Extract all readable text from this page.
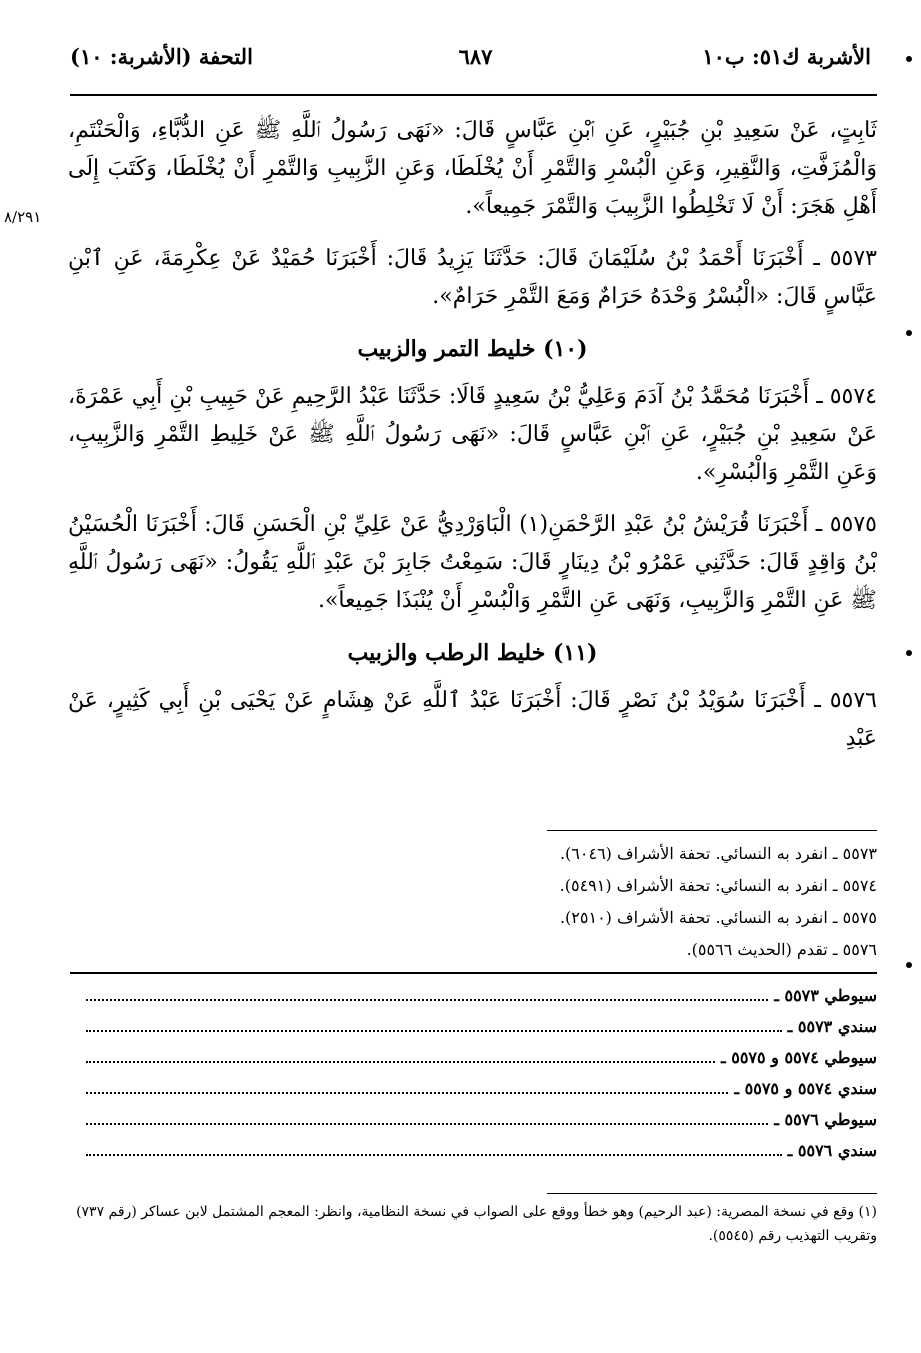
الأشربة ك٥١: ب١٠
٦٨٧
التحفة (الأشربة: ١٠)
٨/٢٩١

ثَابِتٍ، عَنْ سَعِيدِ بْنِ جُبَيْرٍ، عَنِ ٱبْنِ عَبَّاسٍ قَالَ: «نَهَى رَسُولُ ٱللَّهِ ﷺ عَنِ الدُّبَّاءِ، وَالْحَنْتَمِ، وَالْمُزَفَّتِ، وَالنَّقِيرِ، وَعَنِ الْبُسْرِ وَالتَّمْرِ أَنْ يُخْلَطَا، وَعَنِ الزَّبِيبِ وَالتَّمْرِ أَنْ يُخْلَطَا، وَكَتَبَ إِلَى أَهْلِ هَجَرَ: أَنْ لَا تَخْلِطُوا الزَّبِيبَ وَالتَّمْرَ جَمِيعاً».

٥٥٧٣ ـ أَخْبَرَنَا أَحْمَدُ بْنُ سُلَيْمَانَ قَالَ: حَدَّثَنَا يَزِيدُ قَالَ: أَخْبَرَنَا حُمَيْدٌ عَنْ عِكْرِمَةَ، عَنِ ٱبْنِ عَبَّاسٍ قَالَ: «الْبُسْرُ وَحْدَهُ حَرَامٌ وَمَعَ التَّمْرِ حَرَامٌ».

(١٠) خليط التمر والزبيب

٥٥٧٤ ـ أَخْبَرَنَا مُحَمَّدُ بْنُ آدَمَ وَعَلِيُّ بْنُ سَعِيدٍ قَالَا: حَدَّثَنَا عَبْدُ الرَّحِيمِ عَنْ حَبِيبِ بْنِ أَبِي عَمْرَةَ، عَنْ سَعِيدِ بْنِ جُبَيْرٍ، عَنِ ٱبْنِ عَبَّاسٍ قَالَ: «نَهَى رَسُولُ ٱللَّهِ ﷺ عَنْ خَلِيطِ التَّمْرِ وَالزَّبِيبِ، وَعَنِ التَّمْرِ وَالْبُسْرِ».

٥٥٧٥ ـ أَخْبَرَنَا قُرَيْشُ بْنُ عَبْدِ الرَّحْمَنِ(١) الْبَاوَرْدِيُّ عَنْ عَلِيِّ بْنِ الْحَسَنِ قَالَ: أَخْبَرَنَا الْحُسَيْنُ بْنُ وَاقِدٍ قَالَ: حَدَّثَنِي عَمْرُو بْنُ دِينَارٍ قَالَ: سَمِعْتُ جَابِرَ بْنَ عَبْدِ ٱللَّهِ يَقُولُ: «نَهَى رَسُولُ ٱللَّهِ ﷺ عَنِ التَّمْرِ وَالزَّبِيبِ، وَنَهَى عَنِ التَّمْرِ وَالْبُسْرِ أَنْ يُنْبَذَا جَمِيعاً».

(١١) خليط الرطب والزبيب

٥٥٧٦ ـ أَخْبَرَنَا سُوَيْدُ بْنُ نَصْرٍ قَالَ: أَخْبَرَنَا عَبْدُ ٱللَّهِ عَنْ هِشَامٍ عَنْ يَحْيَى بْنِ أَبِي كَثِيرٍ، عَنْ عَبْدِ

٥٥٧٣ ـ انفرد به النسائي. تحفة الأشراف (٦٠٤٦).
٥٥٧٤ ـ انفرد به النسائي: تحفة الأشراف (٥٤٩١).
٥٥٧٥ ـ انفرد به النسائي. تحفة الأشراف (٢٥١٠).
٥٥٧٦ ـ تقدم (الحديث ٥٥٦٦).
سيوطي ٥٥٧٣ ـ
سندي ٥٥٧٣ ـ
سيوطي ٥٥٧٤ و ٥٥٧٥ ـ
سندي ٥٥٧٤ و ٥٥٧٥ ـ
سيوطي ٥٥٧٦ ـ
سندي ٥٥٧٦ ـ
(١) وقع في نسخة المصرية: (عبد الرحيم) وهو خطأ ووقع على الصواب في نسخة النظامية، وانظر: المعجم المشتمل لابن عساكر (رقم ٧٣٧) وتقريب التهذيب رقم (٥٥٤٥).
